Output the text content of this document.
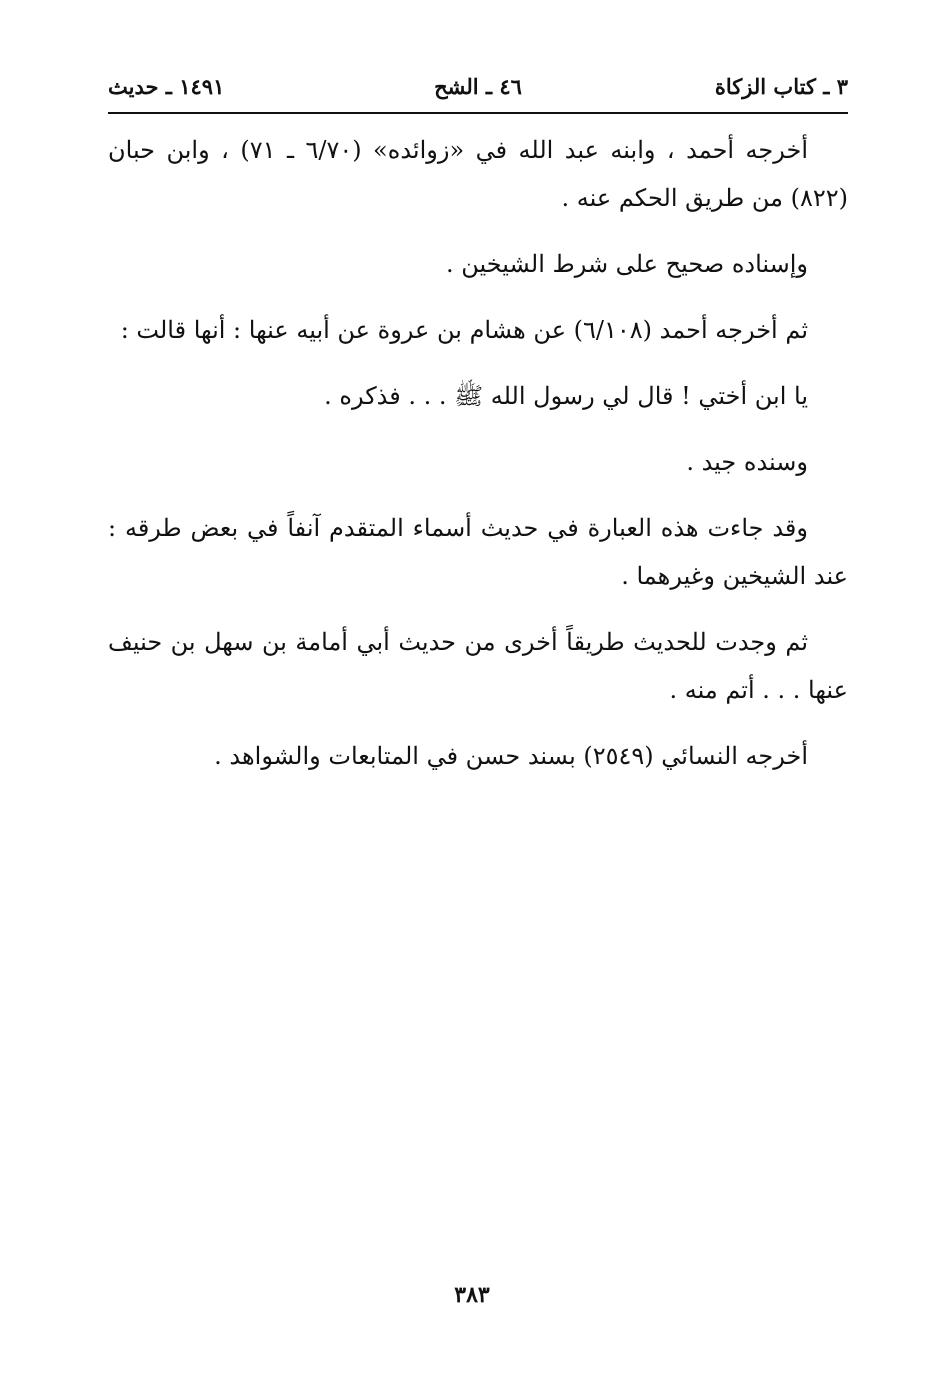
٣ ـ كتاب الزكاة
٤٦ ـ الشح
١٤٩١ ـ حديث

أخرجه أحمد ، وابنه عبد الله في «زوائده» (٦/٧٠ ـ ٧١) ، وابن حبان (٨٢٢) من طريق الحكم عنه .

وإسناده صحيح على شرط الشيخين .

ثم أخرجه أحمد (٦/١٠٨) عن هشام بن عروة عن أبيه عنها : أنها قالت :

يا ابن أختي ! قال لي رسول الله ﷺ . . . فذكره .

وسنده جيد .

وقد جاءت هذه العبارة في حديث أسماء المتقدم آنفاً في بعض طرقه : عند الشيخين وغيرهما .

ثم وجدت للحديث طريقاً أخرى من حديث أبي أمامة بن سهل بن حنيف عنها . . . أتم منه .

أخرجه النسائي (٢٥٤٩) بسند حسن في المتابعات والشواهد .

٣٨٣
